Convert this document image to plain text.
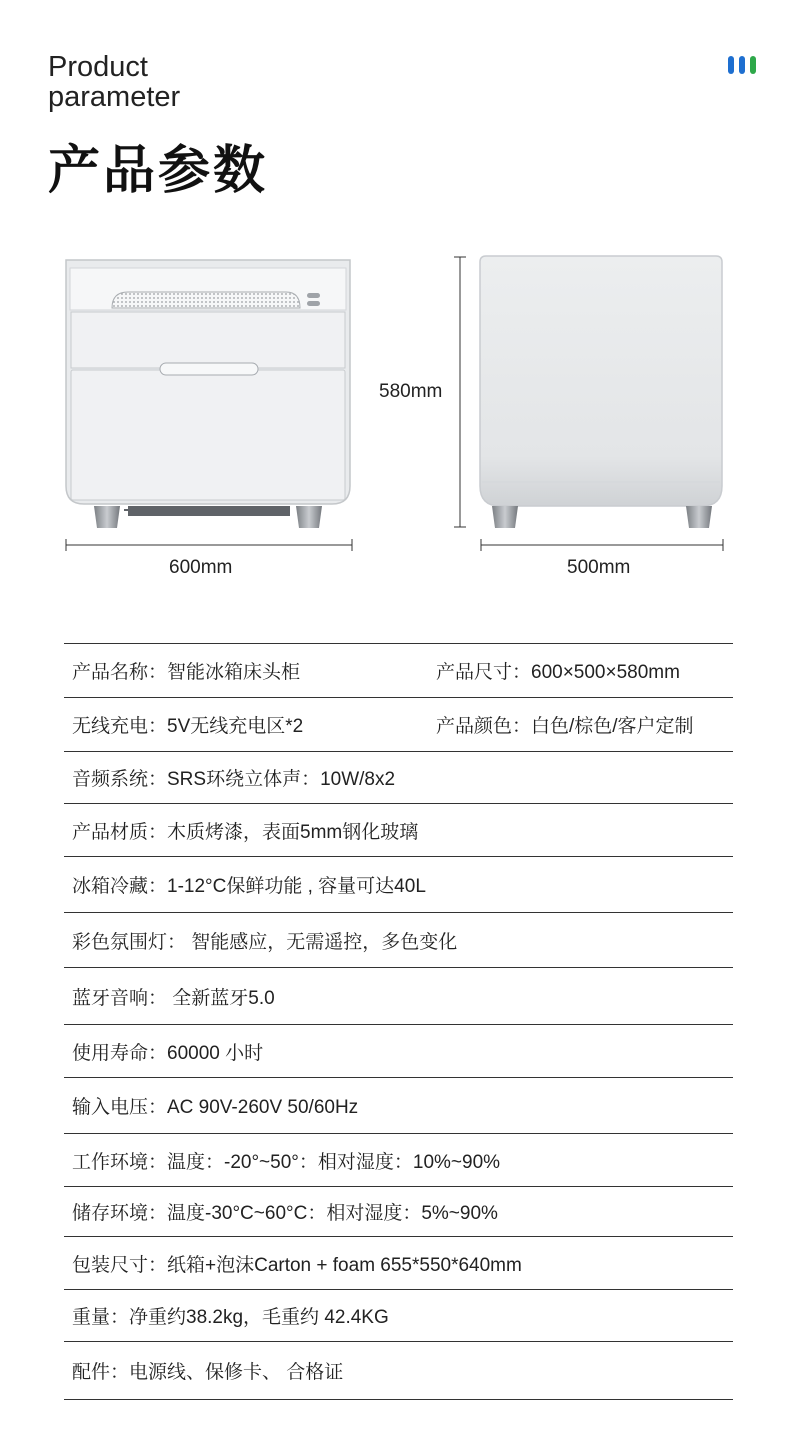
Product
parameter
产品参数
600mm	500mm
580mm
产品名称：智能冰箱床头柜	产品尺寸：600×500×580mm
无线充电：5V无线充电区*2	产品颜色：白色/棕色/客户定制
音频系统：SRS环绕立体声：10W/8x2
产品材质：木质烤漆，表面5mm钢化玻璃
冰箱冷藏：1-12°C保鲜功能 , 容量可达40L
彩色氛围灯： 智能感应，无需遥控，多色变化
蓝牙音响： 全新蓝牙5.0
使用寿命：60000 小时
输入电压：AC 90V-260V 50/60Hz
工作环境：温度：-20°~50°：相对湿度：10%~90%
储存环境：温度-30°C~60°C：相对湿度：5%~90%
包装尺寸：纸箱+泡沫Carton + foam 655*550*640mm
重量：净重约38.2kg，毛重约 42.4KG
配件：电源线、保修卡、 合格证
